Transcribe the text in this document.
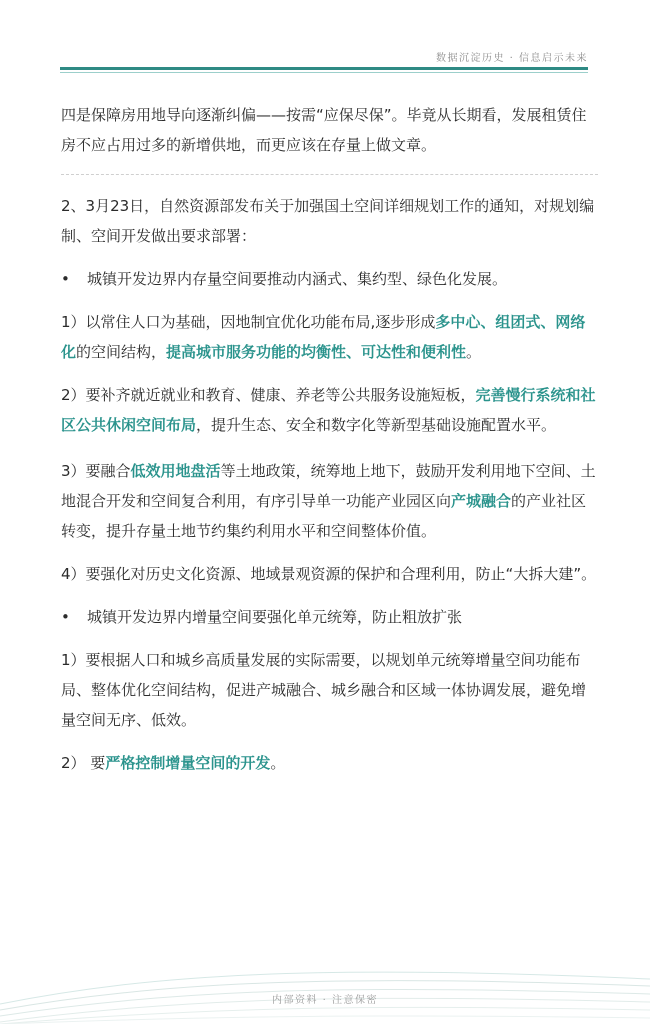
数据沉淀历史 · 信息启示未来

四是保障房用地导向逐渐纠偏——按需“应保尽保”。毕竟从长期看，发展租赁住房不应占用过多的新增供地，而更应该在存量上做文章。

2、3月23日，自然资源部发布关于加强国土空间详细规划工作的通知，对规划编制、空间开发做出要求部署：

•	城镇开发边界内存量空间要推动内涵式、集约型、绿色化发展。

1）以常住人口为基础，因地制宜优化功能布局,逐步形成多中心、组团式、网络化的空间结构，提高城市服务功能的均衡性、可达性和便利性。

2）要补齐就近就业和教育、健康、养老等公共服务设施短板，完善慢行系统和社区公共休闲空间布局，提升生态、安全和数字化等新型基础设施配置水平。

3）要融合低效用地盘活等土地政策，统筹地上地下，鼓励开发利用地下空间、土地混合开发和空间复合利用，有序引导单一功能产业园区向产城融合的产业社区转变，提升存量土地节约集约利用水平和空间整体价值。

4）要强化对历史文化资源、地域景观资源的保护和合理利用，防止“大拆大建”。

•	城镇开发边界内增量空间要强化单元统筹，防止粗放扩张

1）要根据人口和城乡高质量发展的实际需要，以规划单元统筹增量空间功能布局、整体优化空间结构，促进产城融合、城乡融合和区域一体协调发展，避免增量空间无序、低效。

2） 要严格控制增量空间的开发。

内部资料 · 注意保密
